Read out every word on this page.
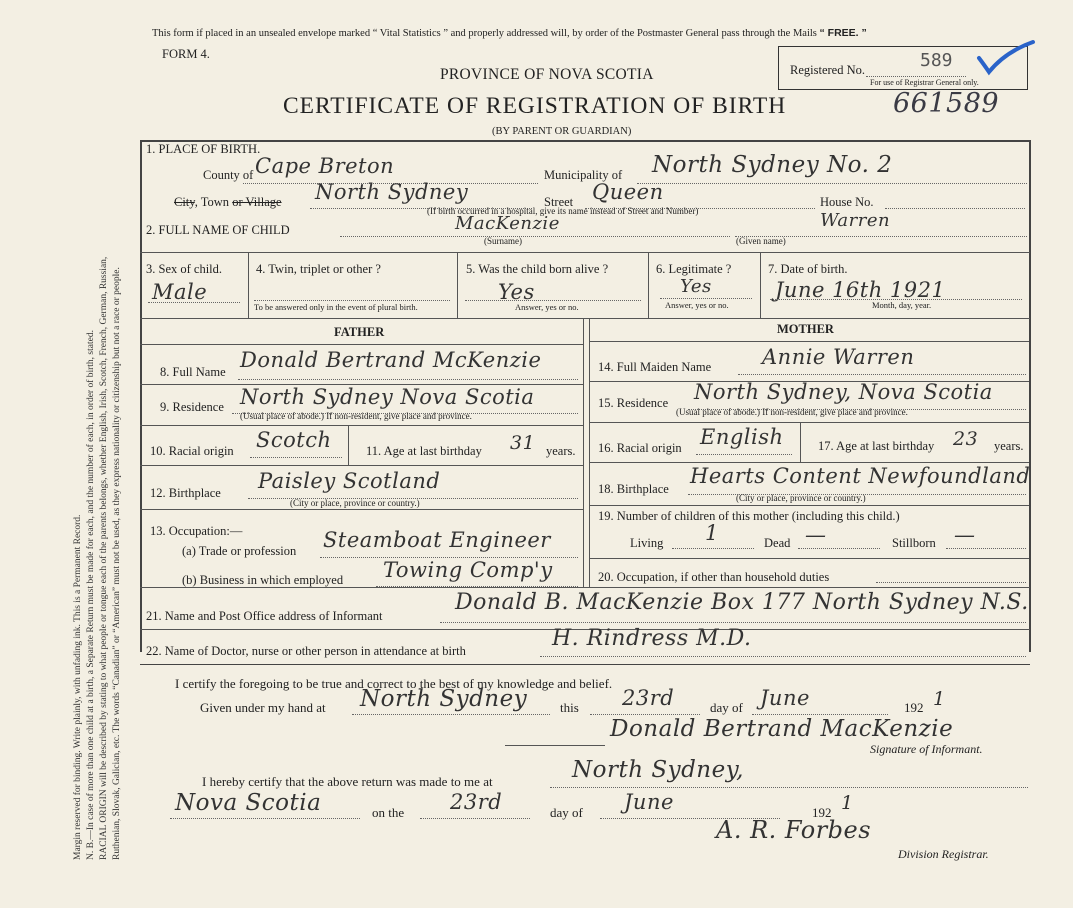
Margin reserved for binding. Write plainly, with unfading ink. This is a Permanent Record. N. B.—In case of more than one child at a birth, a Separate Return must be made for each, and the number of each, in order of birth, stated. RACIAL ORIGIN will be described by stating to what people or tongue each of the parents belongs, whether English, Irish, Scotch, French, German, Russian, Ruthenian, Slovak, Galician, etc. The words “Canadian” or “American” must not be used, as they express nationality or citizenship but not a race or people.
This form if placed in an unsealed envelope marked “ Vital Statistics ” and properly addressed will, by order of the Postmaster General pass through the Mails “ FREE. ”
FORM 4.
PROVINCE OF NOVA SCOTIA
CERTIFICATE OF REGISTRATION OF BIRTH	661589
(BY PARENT OR GUARDIAN)
Registered No.	589
For use of Registrar General only.
1. PLACE OF BIRTH.
County of Cape Breton	Municipality of North Sydney No. 2
City, Town or Village North Sydney	Street Queen	House No.
(If birth occurred in a hospital, give its name instead of Street and Number)
2. FULL NAME OF CHILD	MacKenzie
(Surname)
Warren
(Given name)
3. Sex of child.
Male
4. Twin, triplet or other ?
To be answered only in the event of plural birth.
5. Was the child born alive ?
Yes
Answer, yes or no.
6. Legitimate ?
Yes
Answer, yes or no.
7. Date of birth.
June 16th 1921
Month, day, year.
FATHER	MOTHER
8. Full Name Donald Bertrand McKenzie
9. Residence North Sydney Nova Scotia
(Usual place of abode.) If non-resident, give place and province.
10. Racial origin Scotch	11. Age at last birthday 31 years.
12. Birthplace Paisley Scotland
(City or place, province or country.)
13. Occupation:—
(a) Trade or profession Steamboat Engineer
(b) Business in which employed Towing Comp'y
14. Full Maiden Name Annie Warren
15. Residence North Sydney, Nova Scotia
(Usual place of abode.) If non-resident, give place and province.
16. Racial origin English	17. Age at last birthday 23 years.
18. Birthplace
Hearts Content Newfoundland
(City or place, province or country.)
19. Number of children of this mother (including this child.)
Living 1	Dead —	Stillborn —
20. Occupation, if other than household duties
21. Name and Post Office address of Informant
Donald B. MacKenzie Box 177 North Sydney N.S.
22. Name of Doctor, nurse or other person in attendance at birth	H. Rindress M.D.
I certify the foregoing to be true and correct to the best of my knowledge and belief.
Given under my hand at North Sydney	this 23rd	day of June	192 1
Donald Bertrand MacKenzie
Signature of Informant.
I hereby certify that the above return was made to me at	North Sydney,
Nova Scotia	on the 23rd	day of June	192 1
A. R. Forbes
Division Registrar.
